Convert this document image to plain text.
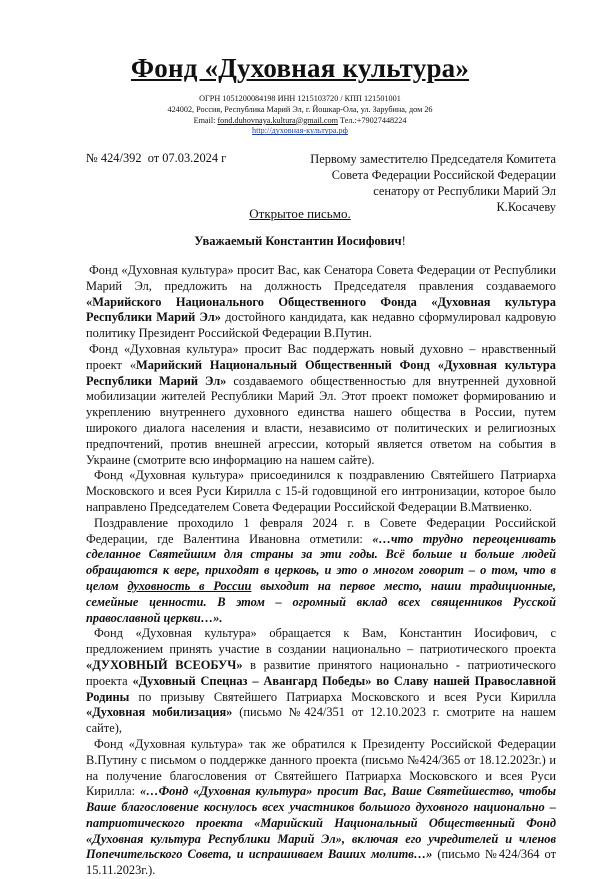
Фонд «Духовная культура»
ОГРН 1051200084198 ИНН 1215103720 / КПП 121501001
424002, Россия, Республика Марий Эл, г. Йошкар-Ола, ул. Зарубина, дом 26
Email: fond.duhovnaya.kultura@gmail.com Тел.:+79027448224
http://духовная-культура.рф
№ 424/392  от 07.03.2024 г	Первому заместителю Председателя Комитета
Совета Федерации Российской Федерации
сенатору от Республики Марий Эл
К.Косачеву
Открытое письмо.
Уважаемый Константин Иосифович!

Фонд «Духовная культура» просит Вас, как Сенатора Совета Федерации от Республики Марий Эл, предложить на должность Председателя правления создаваемого «Марийского Национального Общественного Фонда «Духовная культура Республики Марий Эл» достойного кандидата, как недавно сформулировал кадровую политику Президент Российской Федерации В.Путин.

Фонд «Духовная культура» просит Вас поддержать новый духовно – нравственный проект «Марийский Национальный Общественный Фонд «Духовная культура Республики Марий Эл» создаваемого общественностью для внутренней духовной мобилизации жителей Республики Марий Эл. Этот проект поможет формированию и укреплению внутреннего духовного единства нашего общества в России, путем широкого диалога населения и власти, независимо от политических и религиозных предпочтений, против внешней агрессии, который является ответом на события в Украине (смотрите всю информацию на нашем сайте).

Фонд «Духовная культура» присоединился к поздравлению Святейшего Патриарха Московского и всея Руси Кирилла с 15-й годовщиной его интронизации, которое было направлено Председателем Совета Федерации Российской Федерации В.Матвиенко.

Поздравление проходило 1 февраля 2024 г. в Совете Федерации Российской Федерации, где Валентина Ивановна отметили: «…что трудно переоценивать сделанное Святейшим для страны за эти годы. Всё больше и больше людей обращаются к вере, приходят в церковь, и это о многом говорит – о том, что в целом духовность в России выходит на первое место, наши традиционные, семейные ценности. В этом – огромный вклад всех священников Русской православной церкви…».

Фонд «Духовная культура» обращается к Вам, Константин Иосифович, с предложением принять участие в создании национально – патриотического проекта «ДУХОВНЫЙ ВСЕОБУЧ» в развитие принятого национально - патриотического проекта «Духовный Спецназ – Авангард Победы» во Славу нашей Православной Родины по призыву Святейшего Патриарха Московского и всея Руси Кирилла «Духовная мобилизация» (письмо №424/351 от 12.10.2023 г. смотрите на нашем сайте),

Фонд «Духовная культура» так же обратился к Президенту Российской Федерации В.Путину с письмом о поддержке данного проекта (письмо №424/365 от 18.12.2023г.) и на получение благословения от Святейшего Патриарха Московского и всея Руси Кирилла: «…Фонд «Духовная культура» просит Вас, Ваше Святейшество, чтобы Ваше благословение коснулось всех участников большого духовного национально – патриотического проекта «Марийский Национальный Общественный Фонд «Духовная культура Республики Марий Эл», включая его учредителей и членов Попечительского Совета, и испрашиваем Ваших молитв…» (письмо №424/364 от 15.11.2023г.).
